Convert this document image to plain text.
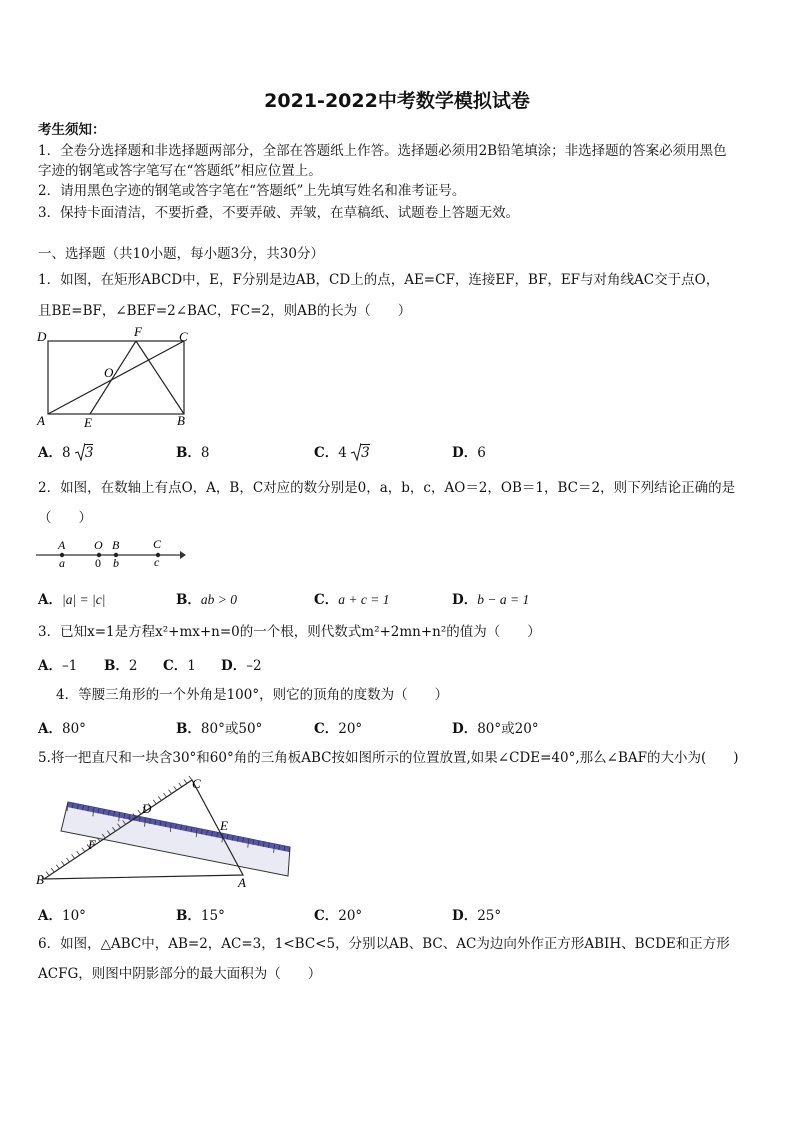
2021-2022中考数学模拟试卷
考生须知：
1．全卷分选择题和非选择题两部分，全部在答题纸上作答。选择题必须用2B铅笔填涂；非选择题的答案必须用黑色
字迹的钢笔或答字笔写在“答题纸”相应位置上。
2．请用黑色字迹的钢笔或答字笔在“答题纸”上先填写姓名和准考证号。
3．保持卡面清洁，不要折叠，不要弄破、弄皱，在草稿纸、试题卷上答题无效。
一、选择题（共10小题，每小题3分，共30分）
1．如图，在矩形ABCD中，E，F分别是边AB，CD上的点，AE=CF，连接EF，BF，EF与对角线AC交于点O，
且BE=BF，∠BEF=2∠BAC，FC=2，则AB的长为（　　）
D	F	C
O
A	E	B
A．8 3	B．8	C．4 3	D．6
2．如图，在数轴上有点O，A，B，C对应的数分别是0，a，b，c，AO＝2，OB＝1，BC＝2，则下列结论正确的是
（　　）
A O B	C
a	0 b	c
A．|a| = |c|	B．ab > 0	C．a + c = 1	D．b − a = 1
3．已知x=1是方程x²+mx+n=0的一个根，则代数式m²+2mn+n²的值为（　　）
A．–1 B．2 C．1 D．–2
4．等腰三角形的一个外角是100°，则它的顶角的度数为（　　）
A．80°	B．80°或50°	C．20°	D．80°或20°
5.将一把直尺和一块含30°和60°角的三角板ABC按如图所示的位置放置,如果∠CDE=40°,那么∠BAF的大小为(　　)
C
D
E
F
B	A
A．10°	B．15°	C．20°	D．25°
6．如图，△ABC中，AB=2，AC=3，1<BC<5，分别以AB、BC、AC为边向外作正方形ABIH、BCDE和正方形
ACFG，则图中阴影部分的最大面积为（　　）
